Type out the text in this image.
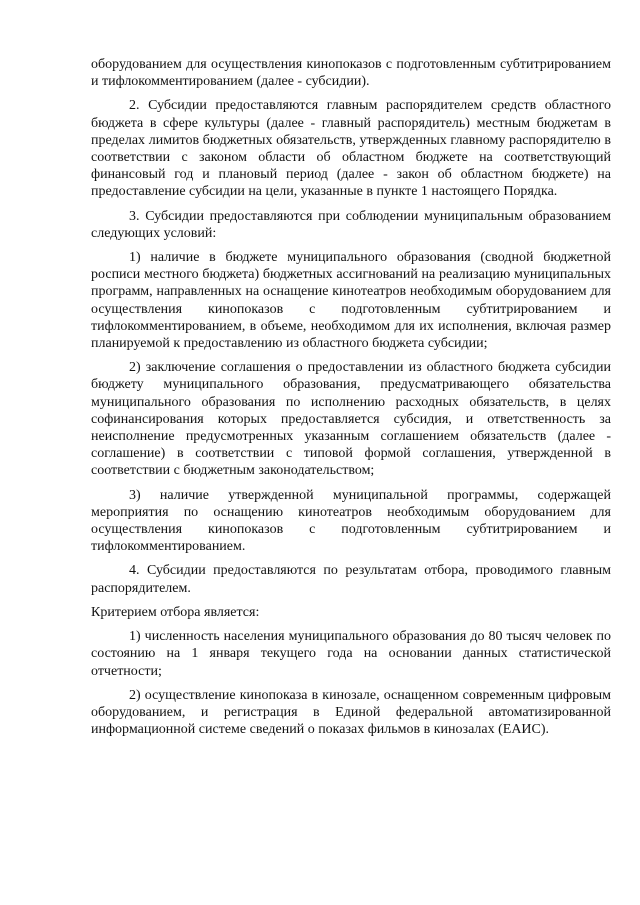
оборудованием для осуществления кинопоказов с подготовленным субтитрированием и тифлокомментированием (далее - субсидии).

2. Субсидии предоставляются главным распорядителем средств областного бюджета в сфере культуры (далее - главный распорядитель) местным бюджетам в пределах лимитов бюджетных обязательств, утвержденных главному распорядителю в соответствии с законом области об областном бюджете на соответствующий финансовый год и плановый период (далее - закон об областном бюджете) на предоставление субсидии на цели, указанные в пункте 1 настоящего Порядка.

3. Субсидии предоставляются при соблюдении муниципальным образованием следующих условий:

1) наличие в бюджете муниципального образования (сводной бюджетной росписи местного бюджета) бюджетных ассигнований на реализацию муниципальных программ, направленных на оснащение кинотеатров необходимым оборудованием для осуществления кинопоказов с подготовленным субтитрированием и тифлокомментированием, в объеме, необходимом для их исполнения, включая размер планируемой к предоставлению из областного бюджета субсидии;

2) заключение соглашения о предоставлении из областного бюджета субсидии бюджету муниципального образования, предусматривающего обязательства муниципального образования по исполнению расходных обязательств, в целях софинансирования которых предоставляется субсидия, и ответственность за неисполнение предусмотренных указанным соглашением обязательств (далее - соглашение) в соответствии с типовой формой соглашения, утвержденной в соответствии с бюджетным законодательством;

3) наличие утвержденной муниципальной программы, содержащей мероприятия по оснащению кинотеатров необходимым оборудованием для осуществления кинопоказов с подготовленным субтитрированием и тифлокомментированием.

4. Субсидии предоставляются по результатам отбора, проводимого главным распорядителем.

Критерием отбора является:

1) численность населения муниципального образования до 80 тысяч человек по состоянию на 1 января текущего года на основании данных статистической отчетности;

2) осуществление кинопоказа в кинозале, оснащенном современным цифровым оборудованием, и регистрация в Единой федеральной автоматизированной информационной системе сведений о показах фильмов в кинозалах (ЕАИС).
